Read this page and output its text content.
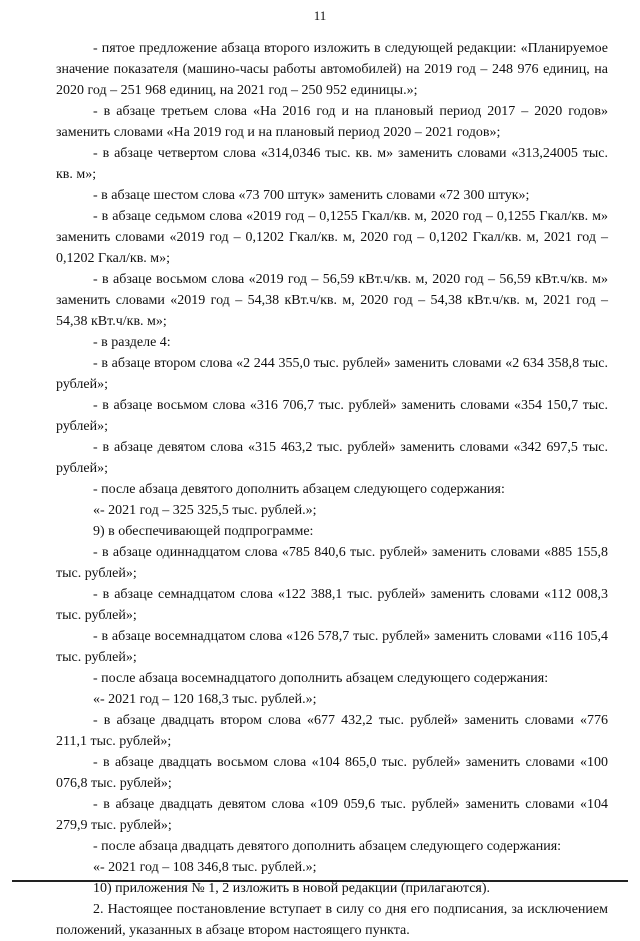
11

- пятое предложение абзаца второго изложить в следующей редакции: «Планируемое значение показателя (машино-часы работы автомобилей) на 2019 год – 248 976 единиц, на 2020 год – 251 968 единиц, на 2021 год – 250 952 единицы.»;

- в абзаце третьем слова «На 2016 год и на плановый период 2017 – 2020 годов» заменить словами «На 2019 год и на плановый период 2020 – 2021 годов»;

- в абзаце четвертом слова «314,0346 тыс. кв. м» заменить словами «313,24005 тыс. кв. м»;

- в абзаце шестом слова «73 700 штук» заменить словами «72 300 штук»;

- в абзаце седьмом слова «2019 год – 0,1255 Гкал/кв. м, 2020 год – 0,1255 Гкал/кв. м» заменить словами «2019 год – 0,1202 Гкал/кв. м, 2020 год – 0,1202 Гкал/кв. м, 2021 год – 0,1202 Гкал/кв. м»;

- в абзаце восьмом слова «2019 год – 56,59 кВт.ч/кв. м, 2020 год – 56,59 кВт.ч/кв. м» заменить словами «2019 год – 54,38 кВт.ч/кв. м, 2020 год – 54,38 кВт.ч/кв. м, 2021 год – 54,38 кВт.ч/кв. м»;

- в разделе 4:

- в абзаце втором слова «2 244 355,0 тыс. рублей» заменить словами «2 634 358,8 тыс. рублей»;

- в абзаце восьмом слова «316 706,7 тыс. рублей» заменить словами «354 150,7 тыс. рублей»;

- в абзаце девятом слова «315 463,2 тыс. рублей» заменить словами «342 697,5 тыс. рублей»;

- после абзаца девятого дополнить абзацем следующего содержания:

«- 2021 год – 325 325,5 тыс. рублей.»;

9) в обеспечивающей подпрограмме:

- в абзаце одиннадцатом слова «785 840,6 тыс. рублей» заменить словами «885 155,8 тыс. рублей»;

- в абзаце семнадцатом слова «122 388,1 тыс. рублей» заменить словами «112 008,3 тыс. рублей»;

- в абзаце восемнадцатом слова «126 578,7 тыс. рублей» заменить словами «116 105,4 тыс. рублей»;

- после абзаца восемнадцатого дополнить абзацем следующего содержания:

«- 2021 год – 120 168,3 тыс. рублей.»;

- в абзаце двадцать втором слова «677 432,2 тыс. рублей» заменить словами «776 211,1 тыс. рублей»;

- в абзаце двадцать восьмом слова «104 865,0 тыс. рублей» заменить словами «100 076,8 тыс. рублей»;

- в абзаце двадцать девятом слова «109 059,6 тыс. рублей» заменить словами «104 279,9 тыс. рублей»;

- после абзаца двадцать девятого дополнить абзацем следующего содержания:

«- 2021 год – 108 346,8 тыс. рублей.»;

10) приложения № 1, 2 изложить в новой редакции (прилагаются).

2. Настоящее постановление вступает в силу со дня его подписания, за исключением положений, указанных в абзаце втором настоящего пункта.
